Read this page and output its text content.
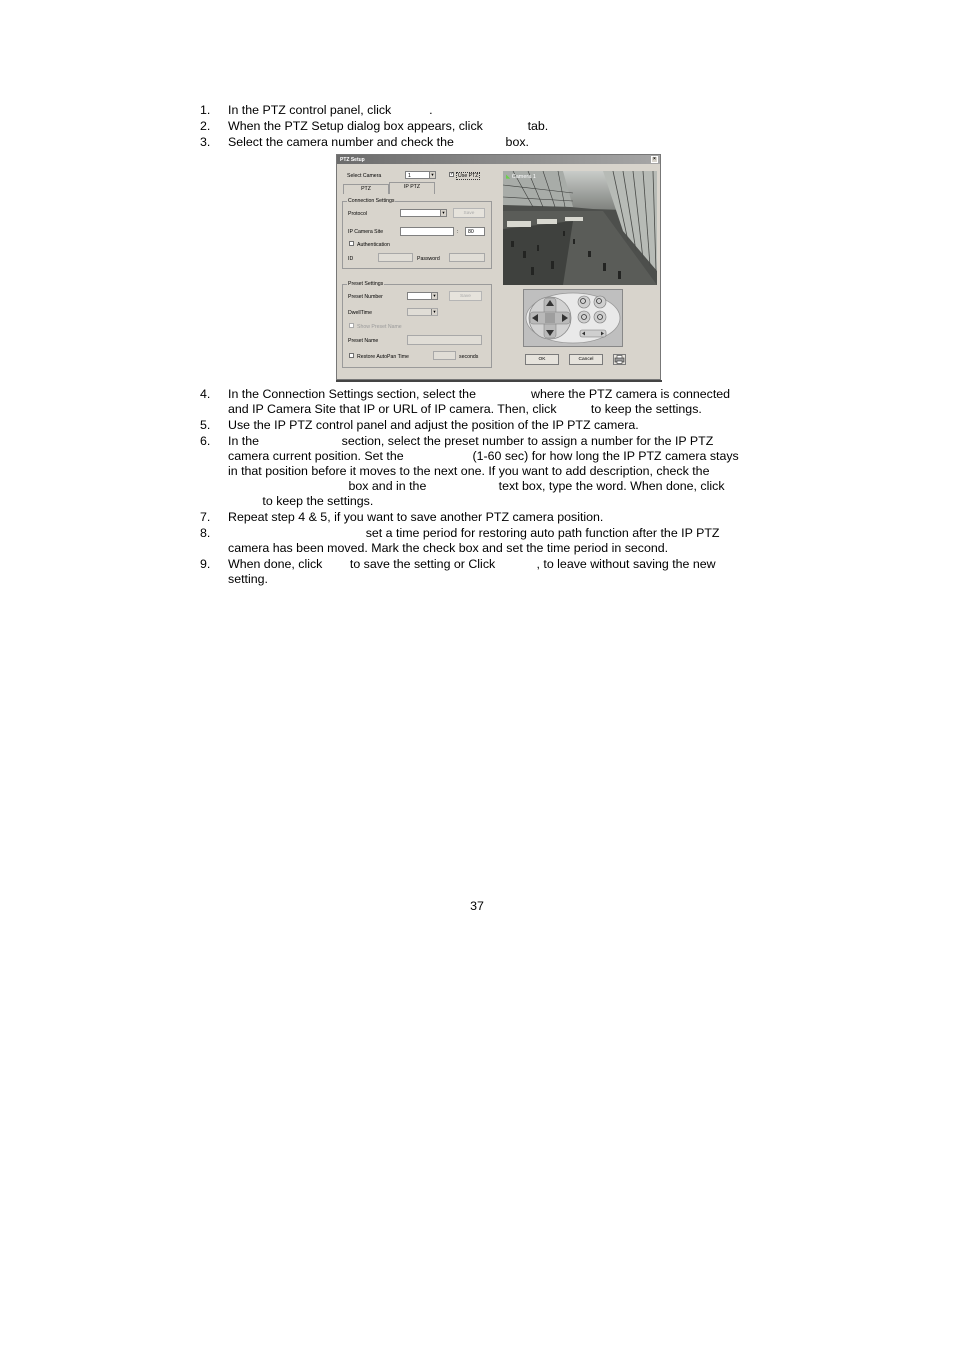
1. In the PTZ control panel, click           .
2. When the PTZ Setup dialog box appears, click             tab.
3. Select the camera number and check the               box.
4. In the Connection Settings section, select the                where the PTZ camera is connected
and IP Camera Site that IP or URL of IP camera. Then, click          to keep the settings.
5. Use the IP PTZ control panel and adjust the position of the IP PTZ camera.
6. In the                        section, select the preset number to assign a number for the IP PTZ
camera current position. Set the                    (1-60 sec) for how long the IP PTZ camera stays
in that position before it moves to the next one. If you want to add description, check the
box and in the                     text box, type the word. When done, click
to keep the settings.
7. Repeat step 4 & 5, if you want to save another PTZ camera position.
8. set a time period for restoring auto path function after the IP PTZ
camera has been moved. Mark the check box and set the time period in second.
9. When done, click        to save the setting or Click            , to leave without saving the new
setting.
PTZ Setup	×
Select Camera	1	▼	✓ Use PTZ
PTZ	IP PTZ
Connection Settings
Protocol	▼	Save
IP Camera Site	: 80
Authentication
ID	Password
Preset Settings
Preset Number	▼	Save
DwellTime	▼
Show Preset Name
Preset Name
Restore AutoPan Time	seconds
◣ Camera 1
OK	Cancel
37
